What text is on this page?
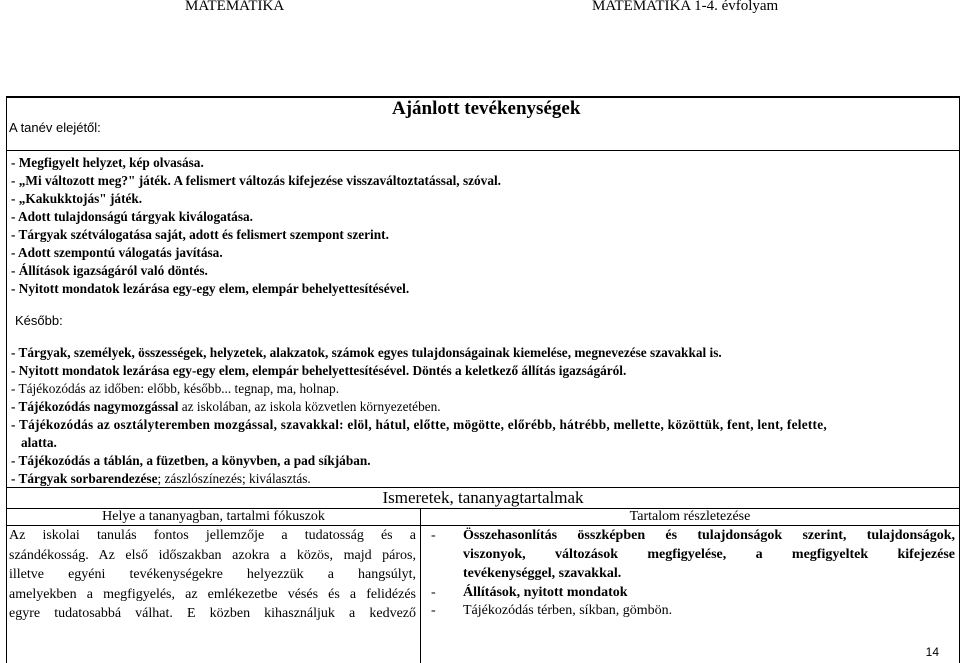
MATEMATIKA	MATEMATIKA 1-4. évfolyam
A tanév elejétől:
Ajánlott tevékenységek
- Megfigyelt helyzet, kép olvasása.
- „Mi változott meg?" játék. A felismert változás kifejezése visszaváltoztatással, szóval.
- „Kakukktojás" játék.
- Adott tulajdonságú tárgyak kiválogatása.
- Tárgyak szétválogatása saját, adott és felismert szempont szerint.
- Adott szempontú válogatás javítása.
- Állítások igazságáról való döntés.
- Nyitott mondatok lezárása egy-egy elem, elempár behelyettesítésével.
Később:
- Tárgyak, személyek, összességek, helyzetek, alakzatok, számok egyes tulajdonságainak kiemelése, megnevezése szavakkal is.
- Nyitott mondatok lezárása egy-egy elem, elempár behelyettesítésével. Döntés a keletkező állítás igazságáról.
- Tájékozódás az időben: előbb, később... tegnap, ma, holnap.
- Tájékozódás nagymozgással az iskolában, az iskola közvetlen környezetében.
- Tájékozódás az osztályteremben mozgással, szavakkal: elöl, hátul, előtte, mögötte, előrébb, hátrébb, mellette, közöttük, fent, lent, felette,
alatta.
- Tájékozódás a táblán, a füzetben, a könyvben, a pad síkjában.
- Tárgyak sorbarendezése; zászlószínezés; kiválasztás.
Ismeretek, tananyagtartalmak
Helye a tananyagban, tartalmi fókuszok	Tartalom részletezése
Az iskolai tanulás fontos jellemzője a tudatosság és a
szándékosság. Az első időszakban azokra a közös, majd páros,
illetve egyéni tevékenységekre helyezzük a hangsúlyt,
amelyekben a megfigyelés, az emlékezetbe vésés és a felidézés
egyre tudatosabbá válhat. E közben kihasználjuk a kedvező
- Összehasonlítás összképben és tulajdonságok szerint, tulajdonságok,
viszonyok, változások megfigyelése, a megfigyeltek kifejezése
tevékenységgel, szavakkal.
- Állítások, nyitott mondatok
- Tájékozódás térben, síkban, gömbön.
14
